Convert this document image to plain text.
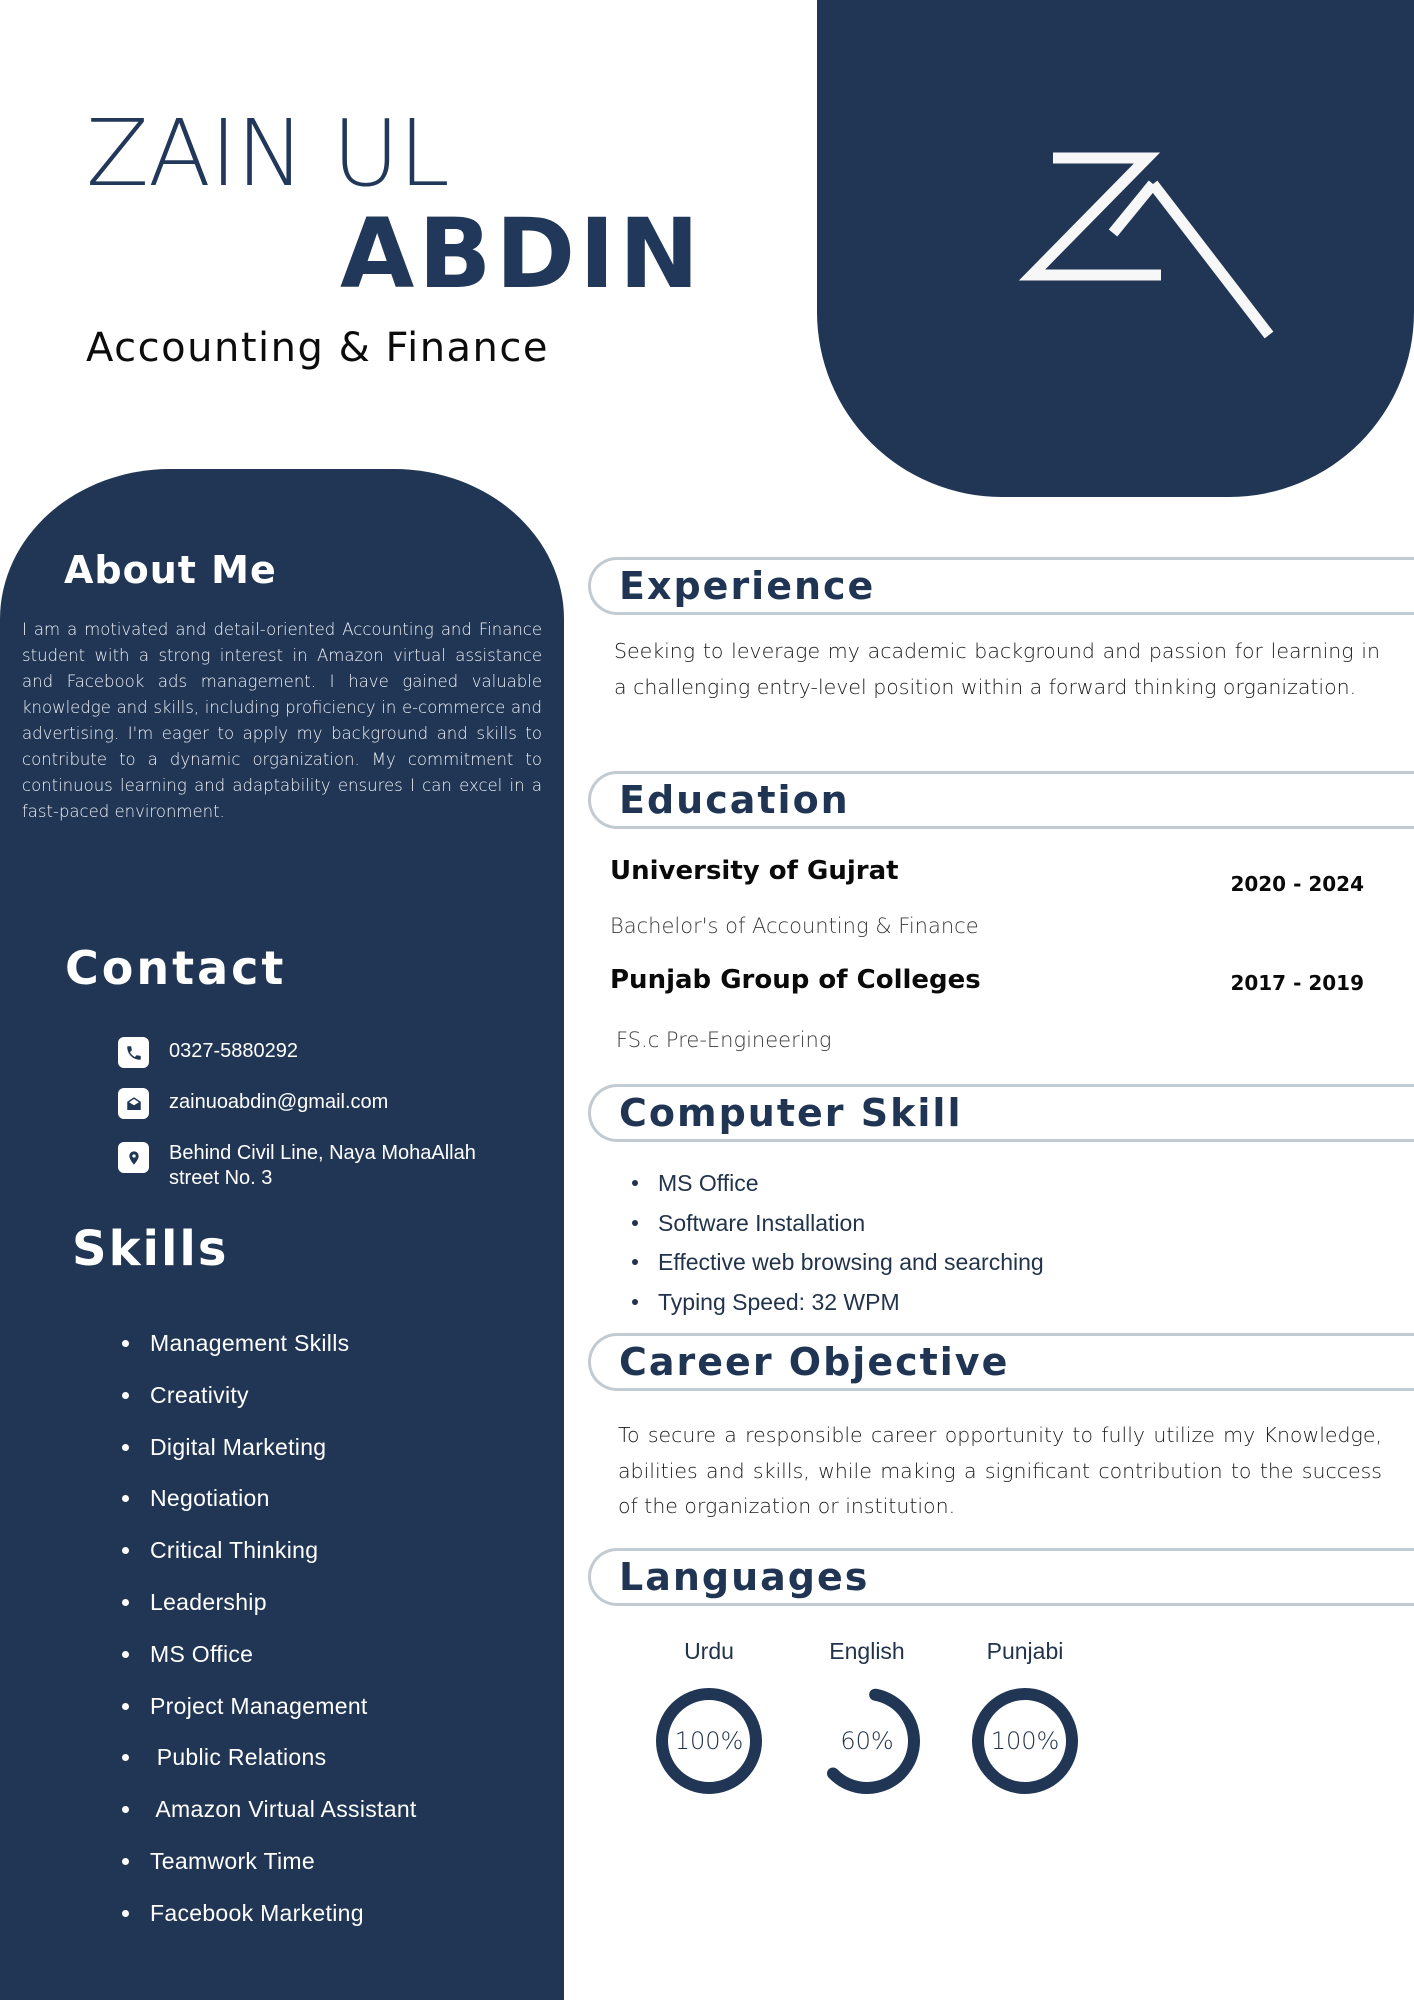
ZAIN UL
ABDIN
Accounting & Finance
About Me

I am a motivated and detail-oriented Accounting and Finance student with a strong interest in Amazon virtual assistance and Facebook ads management. I have gained valuable knowledge and skills, including proficiency in e-commerce and advertising. I'm eager to apply my background and skills to contribute to a dynamic organization. My commitment to continuous learning and adaptability ensures I can excel in a fast-paced environment.

Contact
0327-5880292
zainuoabdin@gmail.com
Behind Civil Line, Naya MohaAllah street No. 3
Skills
Management Skills
Creativity
Digital Marketing
Negotiation
Critical Thinking
Leadership
MS Office
Project Management
Public Relations
Amazon Virtual Assistant
Teamwork Time
Facebook Marketing
Experience

Seeking to leverage my academic background and passion for learning in a challenging entry-level position within a forward thinking organization.

Education
University of Gujrat	2020 - 2024
Bachelor's of Accounting & Finance
Punjab Group of Colleges	2017 - 2019
FS.c Pre-Engineering
Computer Skill
MS Office
Software Installation
Effective web browsing and searching
Typing Speed: 32 WPM
Career Objective

To secure a responsible career opportunity to fully utilize my Knowledge, abilities and skills, while making a significant contribution to the success of the organization or institution.

Languages
Urdu
100%
English
60%
Punjabi
100%
